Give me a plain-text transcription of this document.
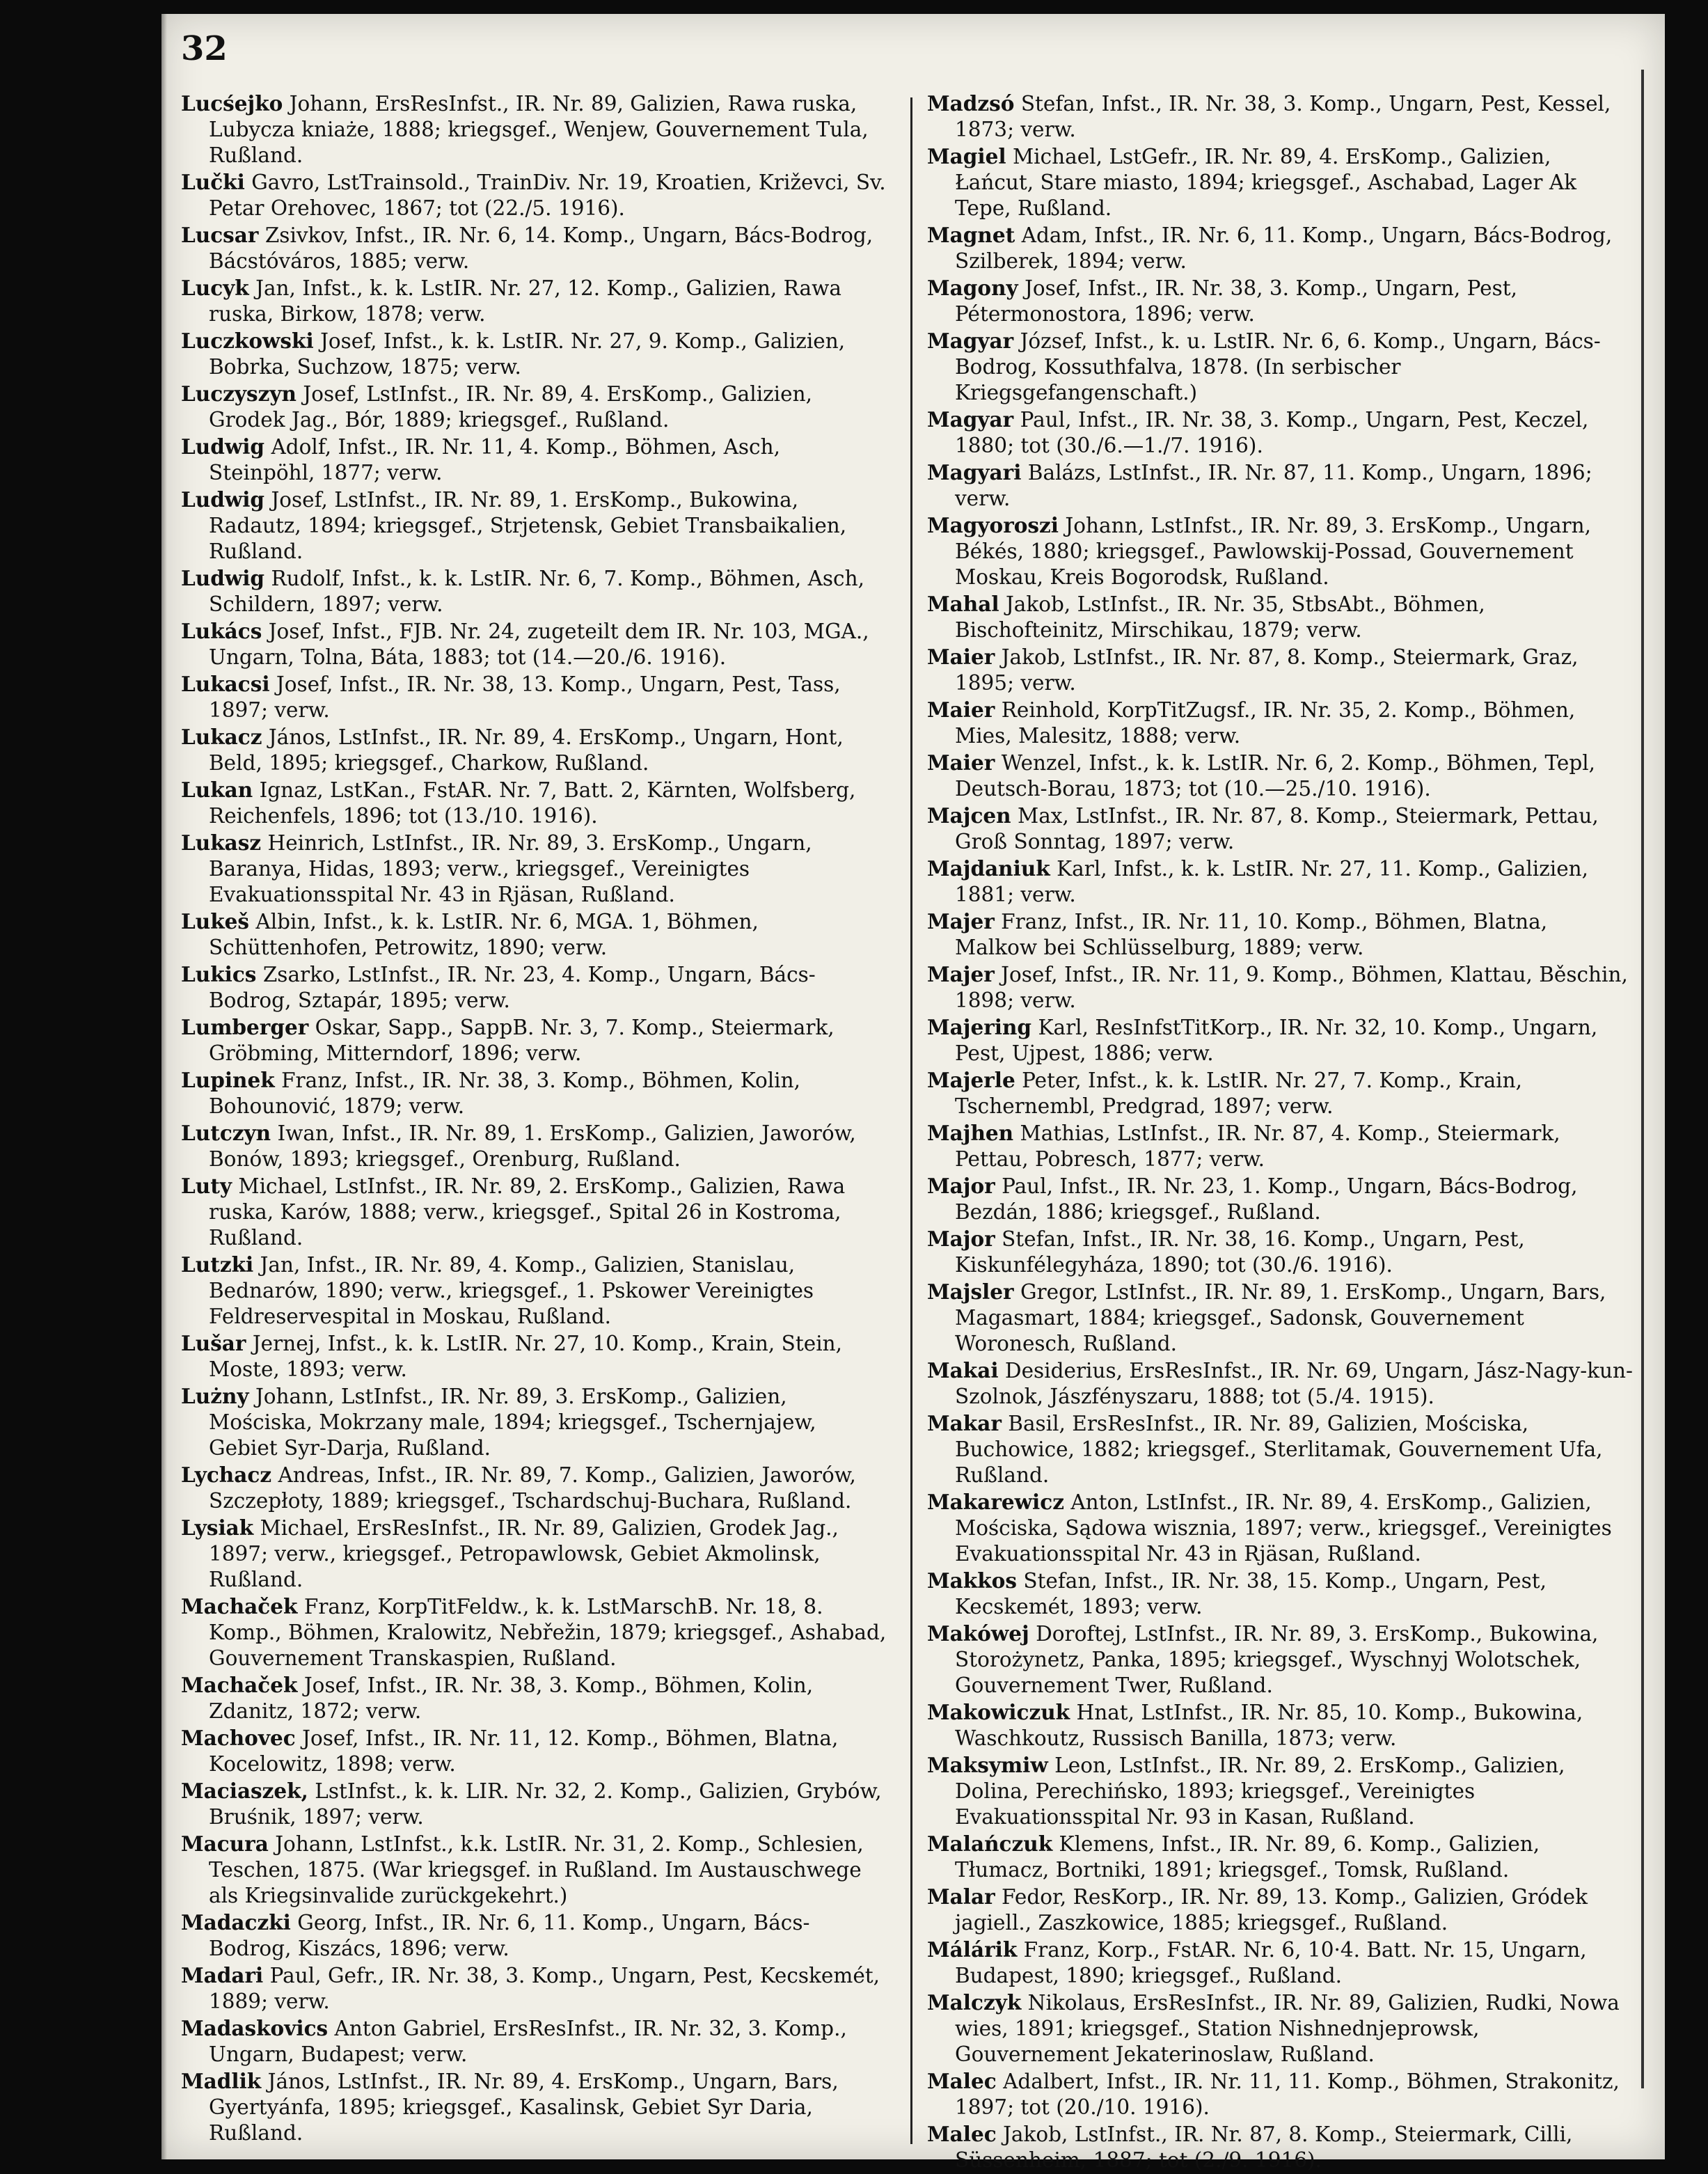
32

Lucśejko Johann, ErsResInfst., IR. Nr. 89, Galizien, Rawa ruska, Lubycza kniaże, 1888; kriegsgef., Wenjew, Gouvernement Tula, Rußland.

Lučki Gavro, LstTrainsold., TrainDiv. Nr. 19, Kroatien, Križevci, Sv. Petar Orehovec, 1867; tot (22./5. 1916).

Lucsar Zsivkov, Infst., IR. Nr. 6, 14. Komp., Ungarn, Bács-Bodrog, Bácstóváros, 1885; verw.

Lucyk Jan, Infst., k. k. LstIR. Nr. 27, 12. Komp., Galizien, Rawa ruska, Birkow, 1878; verw.

Luczkowski Josef, Infst., k. k. LstIR. Nr. 27, 9. Komp., Galizien, Bobrka, Suchzow, 1875; verw.

Luczyszyn Josef, LstInfst., IR. Nr. 89, 4. ErsKomp., Galizien, Grodek Jag., Bór, 1889; kriegsgef., Rußland.

Ludwig Adolf, Infst., IR. Nr. 11, 4. Komp., Böhmen, Asch, Steinpöhl, 1877; verw.

Ludwig Josef, LstInfst., IR. Nr. 89, 1. ErsKomp., Bukowina, Radautz, 1894; kriegsgef., Strjetensk, Gebiet Transbaikalien, Rußland.

Ludwig Rudolf, Infst., k. k. LstIR. Nr. 6, 7. Komp., Böhmen, Asch, Schildern, 1897; verw.

Lukács Josef, Infst., FJB. Nr. 24, zugeteilt dem IR. Nr. 103, MGA., Ungarn, Tolna, Báta, 1883; tot (14.—20./6. 1916).

Lukacsi Josef, Infst., IR. Nr. 38, 13. Komp., Ungarn, Pest, Tass, 1897; verw.

Lukacz János, LstInfst., IR. Nr. 89, 4. ErsKomp., Ungarn, Hont, Beld, 1895; kriegsgef., Charkow, Rußland.

Lukan Ignaz, LstKan., FstAR. Nr. 7, Batt. 2, Kärnten, Wolfsberg, Reichenfels, 1896; tot (13./10. 1916).

Lukasz Heinrich, LstInfst., IR. Nr. 89, 3. ErsKomp., Ungarn, Baranya, Hidas, 1893; verw., kriegsgef., Vereinigtes Evakuationsspital Nr. 43 in Rjäsan, Rußland.

Lukeš Albin, Infst., k. k. LstIR. Nr. 6, MGA. 1, Böhmen, Schüttenhofen, Petrowitz, 1890; verw.

Lukics Zsarko, LstInfst., IR. Nr. 23, 4. Komp., Ungarn, Bács-Bodrog, Sztapár, 1895; verw.

Lumberger Oskar, Sapp., SappB. Nr. 3, 7. Komp., Steiermark, Gröbming, Mitterndorf, 1896; verw.

Lupinek Franz, Infst., IR. Nr. 38, 3. Komp., Böhmen, Kolin, Bohounović, 1879; verw.

Lutczyn Iwan, Infst., IR. Nr. 89, 1. ErsKomp., Galizien, Jaworów, Bonów, 1893; kriegsgef., Orenburg, Rußland.

Luty Michael, LstInfst., IR. Nr. 89, 2. ErsKomp., Galizien, Rawa ruska, Karów, 1888; verw., kriegsgef., Spital 26 in Kostroma, Rußland.

Lutzki Jan, Infst., IR. Nr. 89, 4. Komp., Galizien, Stanislau, Bednarów, 1890; verw., kriegsgef., 1. Pskower Vereinigtes Feldreservespital in Moskau, Rußland.

Lušar Jernej, Infst., k. k. LstIR. Nr. 27, 10. Komp., Krain, Stein, Moste, 1893; verw.

Lużny Johann, LstInfst., IR. Nr. 89, 3. ErsKomp., Galizien, Mościska, Mokrzany male, 1894; kriegsgef., Tschernjajew, Gebiet Syr-Darja, Rußland.

Lychacz Andreas, Infst., IR. Nr. 89, 7. Komp., Galizien, Jaworów, Szczepłoty, 1889; kriegsgef., Tschardschuj-Buchara, Rußland.

Lysiak Michael, ErsResInfst., IR. Nr. 89, Galizien, Grodek Jag., 1897; verw., kriegsgef., Petropawlowsk, Gebiet Akmolinsk, Rußland.

Machaček Franz, KorpTitFeldw., k. k. LstMarschB. Nr. 18, 8. Komp., Böhmen, Kralowitz, Nebřežin, 1879; kriegsgef., Ashabad, Gouvernement Transkaspien, Rußland.

Machaček Josef, Infst., IR. Nr. 38, 3. Komp., Böhmen, Kolin, Zdanitz, 1872; verw.

Machovec Josef, Infst., IR. Nr. 11, 12. Komp., Böhmen, Blatna, Kocelowitz, 1898; verw.

Maciaszek, LstInfst., k. k. LIR. Nr. 32, 2. Komp., Galizien, Grybów, Bruśnik, 1897; verw.

Macura Johann, LstInfst., k.k. LstIR. Nr. 31, 2. Komp., Schlesien, Teschen, 1875. (War kriegsgef. in Rußland. Im Austauschwege als Kriegsinvalide zurückgekehrt.)

Madaczki Georg, Infst., IR. Nr. 6, 11. Komp., Ungarn, Bács-Bodrog, Kiszács, 1896; verw.

Madari Paul, Gefr., IR. Nr. 38, 3. Komp., Ungarn, Pest, Kecskemét, 1889; verw.

Madaskovics Anton Gabriel, ErsResInfst., IR. Nr. 32, 3. Komp., Ungarn, Budapest; verw.

Madlik János, LstInfst., IR. Nr. 89, 4. ErsKomp., Ungarn, Bars, Gyertyánfa, 1895; kriegsgef., Kasalinsk, Gebiet Syr Daria, Rußland.

Madzsó Stefan, Infst., IR. Nr. 38, 3. Komp., Ungarn, Pest, Kessel, 1873; verw.

Magiel Michael, LstGefr., IR. Nr. 89, 4. ErsKomp., Galizien, Łańcut, Stare miasto, 1894; kriegsgef., Aschabad, Lager Ak Tepe, Rußland.

Magnet Adam, Infst., IR. Nr. 6, 11. Komp., Ungarn, Bács-Bodrog, Szilberek, 1894; verw.

Magony Josef, Infst., IR. Nr. 38, 3. Komp., Ungarn, Pest, Pétermonostora, 1896; verw.

Magyar József, Infst., k. u. LstIR. Nr. 6, 6. Komp., Ungarn, Bács-Bodrog, Kossuthfalva, 1878. (In serbischer Kriegsgefangenschaft.)

Magyar Paul, Infst., IR. Nr. 38, 3. Komp., Ungarn, Pest, Keczel, 1880; tot (30./6.—1./7. 1916).

Magyari Balázs, LstInfst., IR. Nr. 87, 11. Komp., Ungarn, 1896; verw.

Magyoroszi Johann, LstInfst., IR. Nr. 89, 3. ErsKomp., Ungarn, Békés, 1880; kriegsgef., Pawlowskij-Possad, Gouvernement Moskau, Kreis Bogorodsk, Rußland.

Mahal Jakob, LstInfst., IR. Nr. 35, StbsAbt., Böhmen, Bischofteinitz, Mirschikau, 1879; verw.

Maier Jakob, LstInfst., IR. Nr. 87, 8. Komp., Steiermark, Graz, 1895; verw.

Maier Reinhold, KorpTitZugsf., IR. Nr. 35, 2. Komp., Böhmen, Mies, Malesitz, 1888; verw.

Maier Wenzel, Infst., k. k. LstIR. Nr. 6, 2. Komp., Böhmen, Tepl, Deutsch-Borau, 1873; tot (10.—25./10. 1916).

Majcen Max, LstInfst., IR. Nr. 87, 8. Komp., Steiermark, Pettau, Groß Sonntag, 1897; verw.

Majdaniuk Karl, Infst., k. k. LstIR. Nr. 27, 11. Komp., Galizien, 1881; verw.

Majer Franz, Infst., IR. Nr. 11, 10. Komp., Böhmen, Blatna, Malkow bei Schlüsselburg, 1889; verw.

Majer Josef, Infst., IR. Nr. 11, 9. Komp., Böhmen, Klattau, Běschin, 1898; verw.

Majering Karl, ResInfstTitKorp., IR. Nr. 32, 10. Komp., Ungarn, Pest, Ujpest, 1886; verw.

Majerle Peter, Infst., k. k. LstIR. Nr. 27, 7. Komp., Krain, Tschernembl, Predgrad, 1897; verw.

Majhen Mathias, LstInfst., IR. Nr. 87, 4. Komp., Steiermark, Pettau, Pobresch, 1877; verw.

Major Paul, Infst., IR. Nr. 23, 1. Komp., Ungarn, Bács-Bodrog, Bezdán, 1886; kriegsgef., Rußland.

Major Stefan, Infst., IR. Nr. 38, 16. Komp., Ungarn, Pest, Kiskunfélegyháza, 1890; tot (30./6. 1916).

Majsler Gregor, LstInfst., IR. Nr. 89, 1. ErsKomp., Ungarn, Bars, Magasmart, 1884; kriegsgef., Sadonsk, Gouvernement Woronesch, Rußland.

Makai Desiderius, ErsResInfst., IR. Nr. 69, Ungarn, Jász-Nagy-kun-Szolnok, Jászfényszaru, 1888; tot (5./4. 1915).

Makar Basil, ErsResInfst., IR. Nr. 89, Galizien, Mościska, Buchowice, 1882; kriegsgef., Sterlitamak, Gouvernement Ufa, Rußland.

Makarewicz Anton, LstInfst., IR. Nr. 89, 4. ErsKomp., Galizien, Mościska, Sądowa wisznia, 1897; verw., kriegsgef., Vereinigtes Evakuationsspital Nr. 43 in Rjäsan, Rußland.

Makkos Stefan, Infst., IR. Nr. 38, 15. Komp., Ungarn, Pest, Kecskemét, 1893; verw.

Makówej Doroftej, LstInfst., IR. Nr. 89, 3. ErsKomp., Bukowina, Storożynetz, Panka, 1895; kriegsgef., Wyschnyj Wolotschek, Gouvernement Twer, Rußland.

Makowiczuk Hnat, LstInfst., IR. Nr. 85, 10. Komp., Bukowina, Waschkoutz, Russisch Banilla, 1873; verw.

Maksymiw Leon, LstInfst., IR. Nr. 89, 2. ErsKomp., Galizien, Dolina, Perechińsko, 1893; kriegsgef., Vereinigtes Evakuationsspital Nr. 93 in Kasan, Rußland.

Malańczuk Klemens, Infst., IR. Nr. 89, 6. Komp., Galizien, Tłumacz, Bortniki, 1891; kriegsgef., Tomsk, Rußland.

Malar Fedor, ResKorp., IR. Nr. 89, 13. Komp., Galizien, Gródek jagiell., Zaszkowice, 1885; kriegsgef., Rußland.

Málárik Franz, Korp., FstAR. Nr. 6, 10·4. Batt. Nr. 15, Ungarn, Budapest, 1890; kriegsgef., Rußland.

Malczyk Nikolaus, ErsResInfst., IR. Nr. 89, Galizien, Rudki, Nowa wies, 1891; kriegsgef., Station Nishnednjeprowsk, Gouvernement Jekaterinoslaw, Rußland.

Malec Adalbert, Infst., IR. Nr. 11, 11. Komp., Böhmen, Strakonitz, 1897; tot (20./10. 1916).

Malec Jakob, LstInfst., IR. Nr. 87, 8. Komp., Steiermark, Cilli, Süssenheim, 1887; tot (2./9. 1916).
